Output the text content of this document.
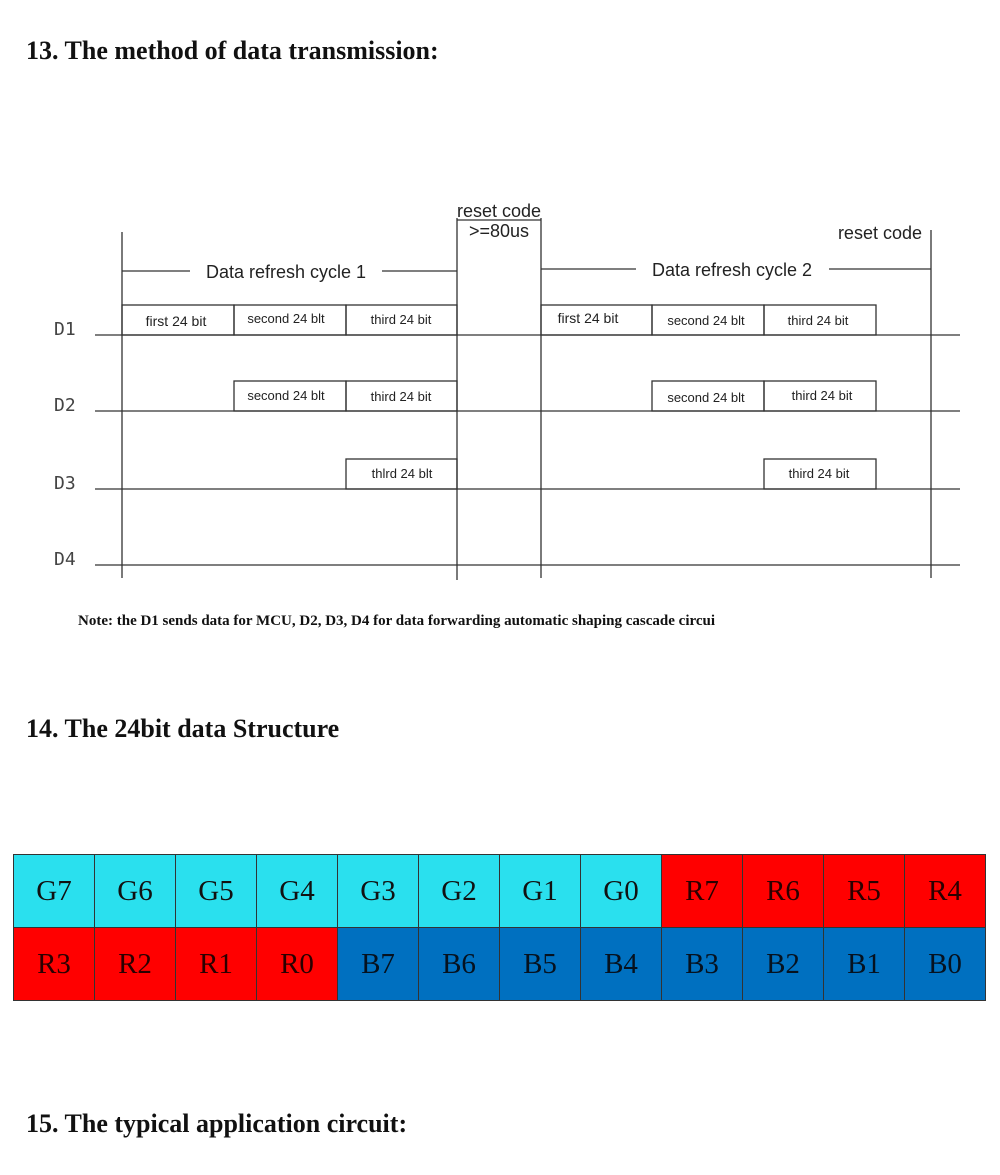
13. The method of data transmission:
reset code
>=80us	reset code
Data refresh cycle 1	Data refresh cycle 2
D1
D2
D3
D4
first 24 bit	second 24 blt	third 24 bit	first 24 bit	second 24 blt	third 24 bit
second 24 blt	third 24 bit	second 24 blt	third 24 bit
thlrd 24 blt	third 24 bit
Note: the D1 sends data for MCU, D2, D3, D4 for data forwarding automatic shaping cascade circui
14. The 24bit data Structure
G7	G6	G5	G4	G3	G2	G1	G0	R7	R6	R5	R4
R3	R2	R1	R0	B7	B6	B5	B4	B3	B2	B1	B0
15. The typical application circuit:
